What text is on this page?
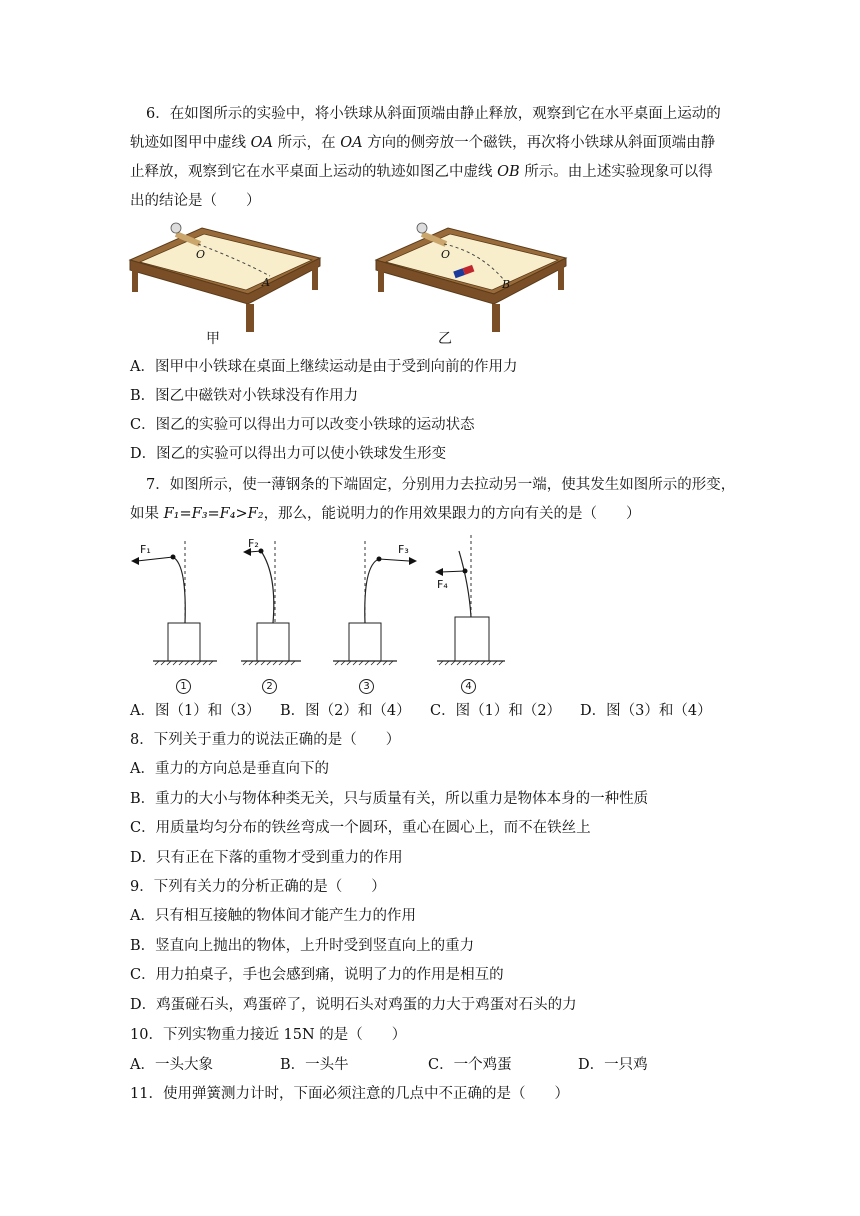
6．在如图所示的实验中，将小铁球从斜面顶端由静止释放，观察到它在水平桌面上运动的
轨迹如图甲中虚线 OA 所示，在 OA 方向的侧旁放一个磁铁，再次将小铁球从斜面顶端由静
止释放，观察到它在水平桌面上运动的轨迹如图乙中虚线 OB 所示。由上述实验现象可以得
出的结论是（　　）
O
A
O
B
甲	乙
A．图甲中小铁球在桌面上继续运动是由于受到向前的作用力
B．图乙中磁铁对小铁球没有作用力
C．图乙的实验可以得出力可以改变小铁球的运动状态
D．图乙的实验可以得出力可以使小铁球发生形变
7．如图所示，使一薄钢条的下端固定，分别用力去拉动另一端，使其发生如图所示的形变，
如果 F₁=F₃=F₄>F₂，那么，能说明力的作用效果跟力的方向有关的是（　　）
F₁	F₂	F₃
F₄
1	2	3	4
A．图（1）和（3） B．图（2）和（4） C．图（1）和（2） D．图（3）和（4）
8．下列关于重力的说法正确的是（　　）
A．重力的方向总是垂直向下的
B．重力的大小与物体种类无关，只与质量有关，所以重力是物体本身的一种性质
C．用质量均匀分布的铁丝弯成一个圆环，重心在圆心上，而不在铁丝上
D．只有正在下落的重物才受到重力的作用
9．下列有关力的分析正确的是（　　）
A．只有相互接触的物体间才能产生力的作用
B．竖直向上抛出的物体，上升时受到竖直向上的重力
C．用力拍桌子，手也会感到痛，说明了力的作用是相互的
D．鸡蛋碰石头，鸡蛋碎了，说明石头对鸡蛋的力大于鸡蛋对石头的力
10．下列实物重力接近 15N 的是（　　）
A．一头大象	B．一头牛	C．一个鸡蛋	D．一只鸡
11．使用弹簧测力计时，下面必须注意的几点中不正确的是（　　）
